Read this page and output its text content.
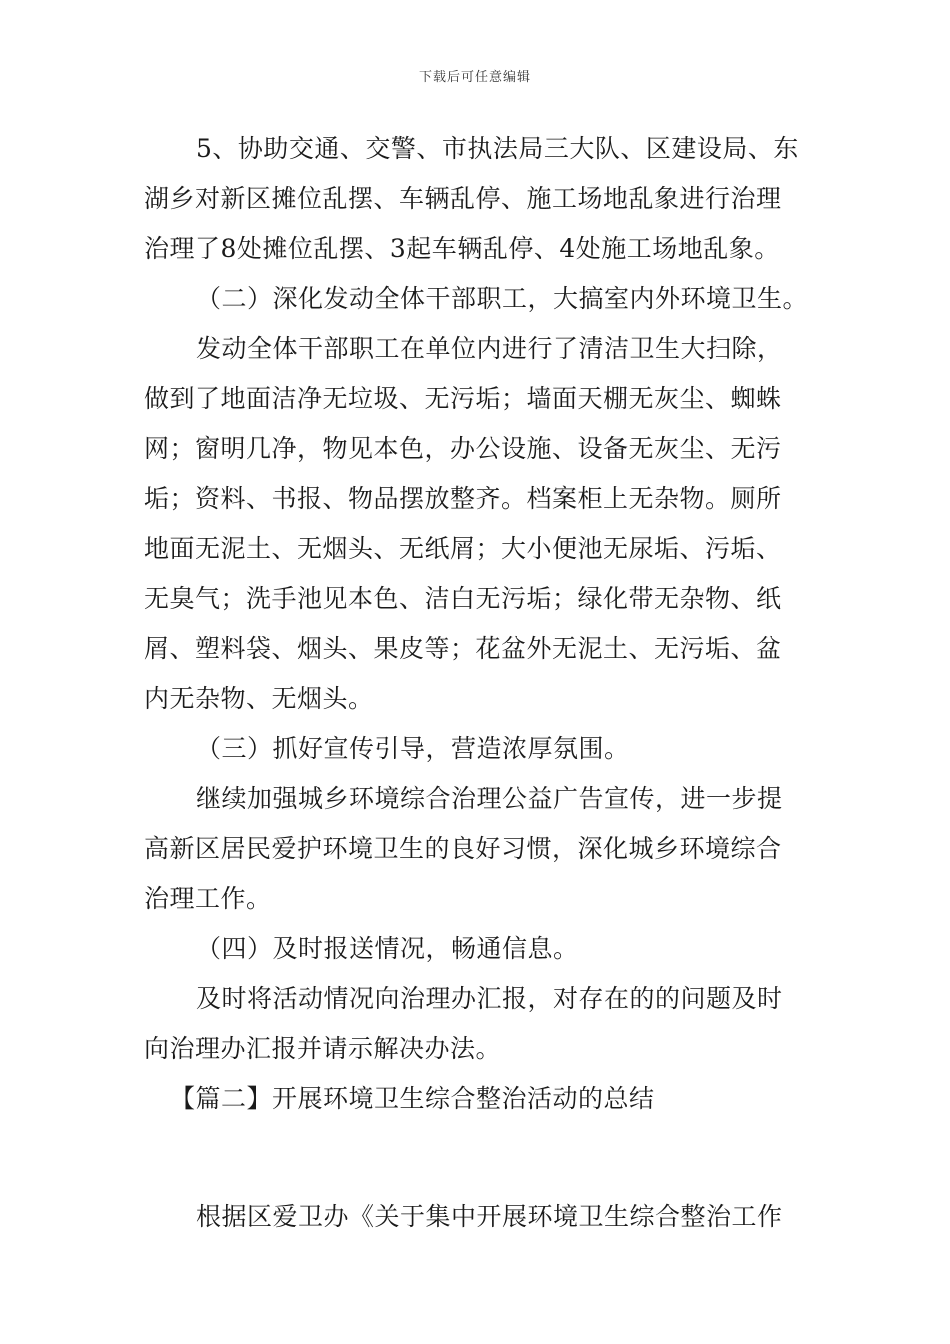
下载后可任意编辑
5、协助交通、交警、市执法局三大队、区建设局、东
湖乡对新区摊位乱摆、车辆乱停、施工场地乱象进行治理
治理了8处摊位乱摆、3起车辆乱停、4处施工场地乱象。
（二）深化发动全体干部职工，大搞室内外环境卫生。
发动全体干部职工在单位内进行了清洁卫生大扫除，
做到了地面洁净无垃圾、无污垢；墙面天棚无灰尘、蜘蛛
网；窗明几净，物见本色，办公设施、设备无灰尘、无污
垢；资料、书报、物品摆放整齐。档案柜上无杂物。厕所
地面无泥土、无烟头、无纸屑；大小便池无尿垢、污垢、
无臭气；洗手池见本色、洁白无污垢；绿化带无杂物、纸
屑、塑料袋、烟头、果皮等；花盆外无泥土、无污垢、盆
内无杂物、无烟头。
（三）抓好宣传引导，营造浓厚氛围。
继续加强城乡环境综合治理公益广告宣传，进一步提
高新区居民爱护环境卫生的良好习惯，深化城乡环境综合
治理工作。
（四）及时报送情况，畅通信息。
及时将活动情况向治理办汇报，对存在的的问题及时
向治理办汇报并请示解决办法。
【篇二】开展环境卫生综合整治活动的总结
根据区爱卫办《关于集中开展环境卫生综合整治工作
